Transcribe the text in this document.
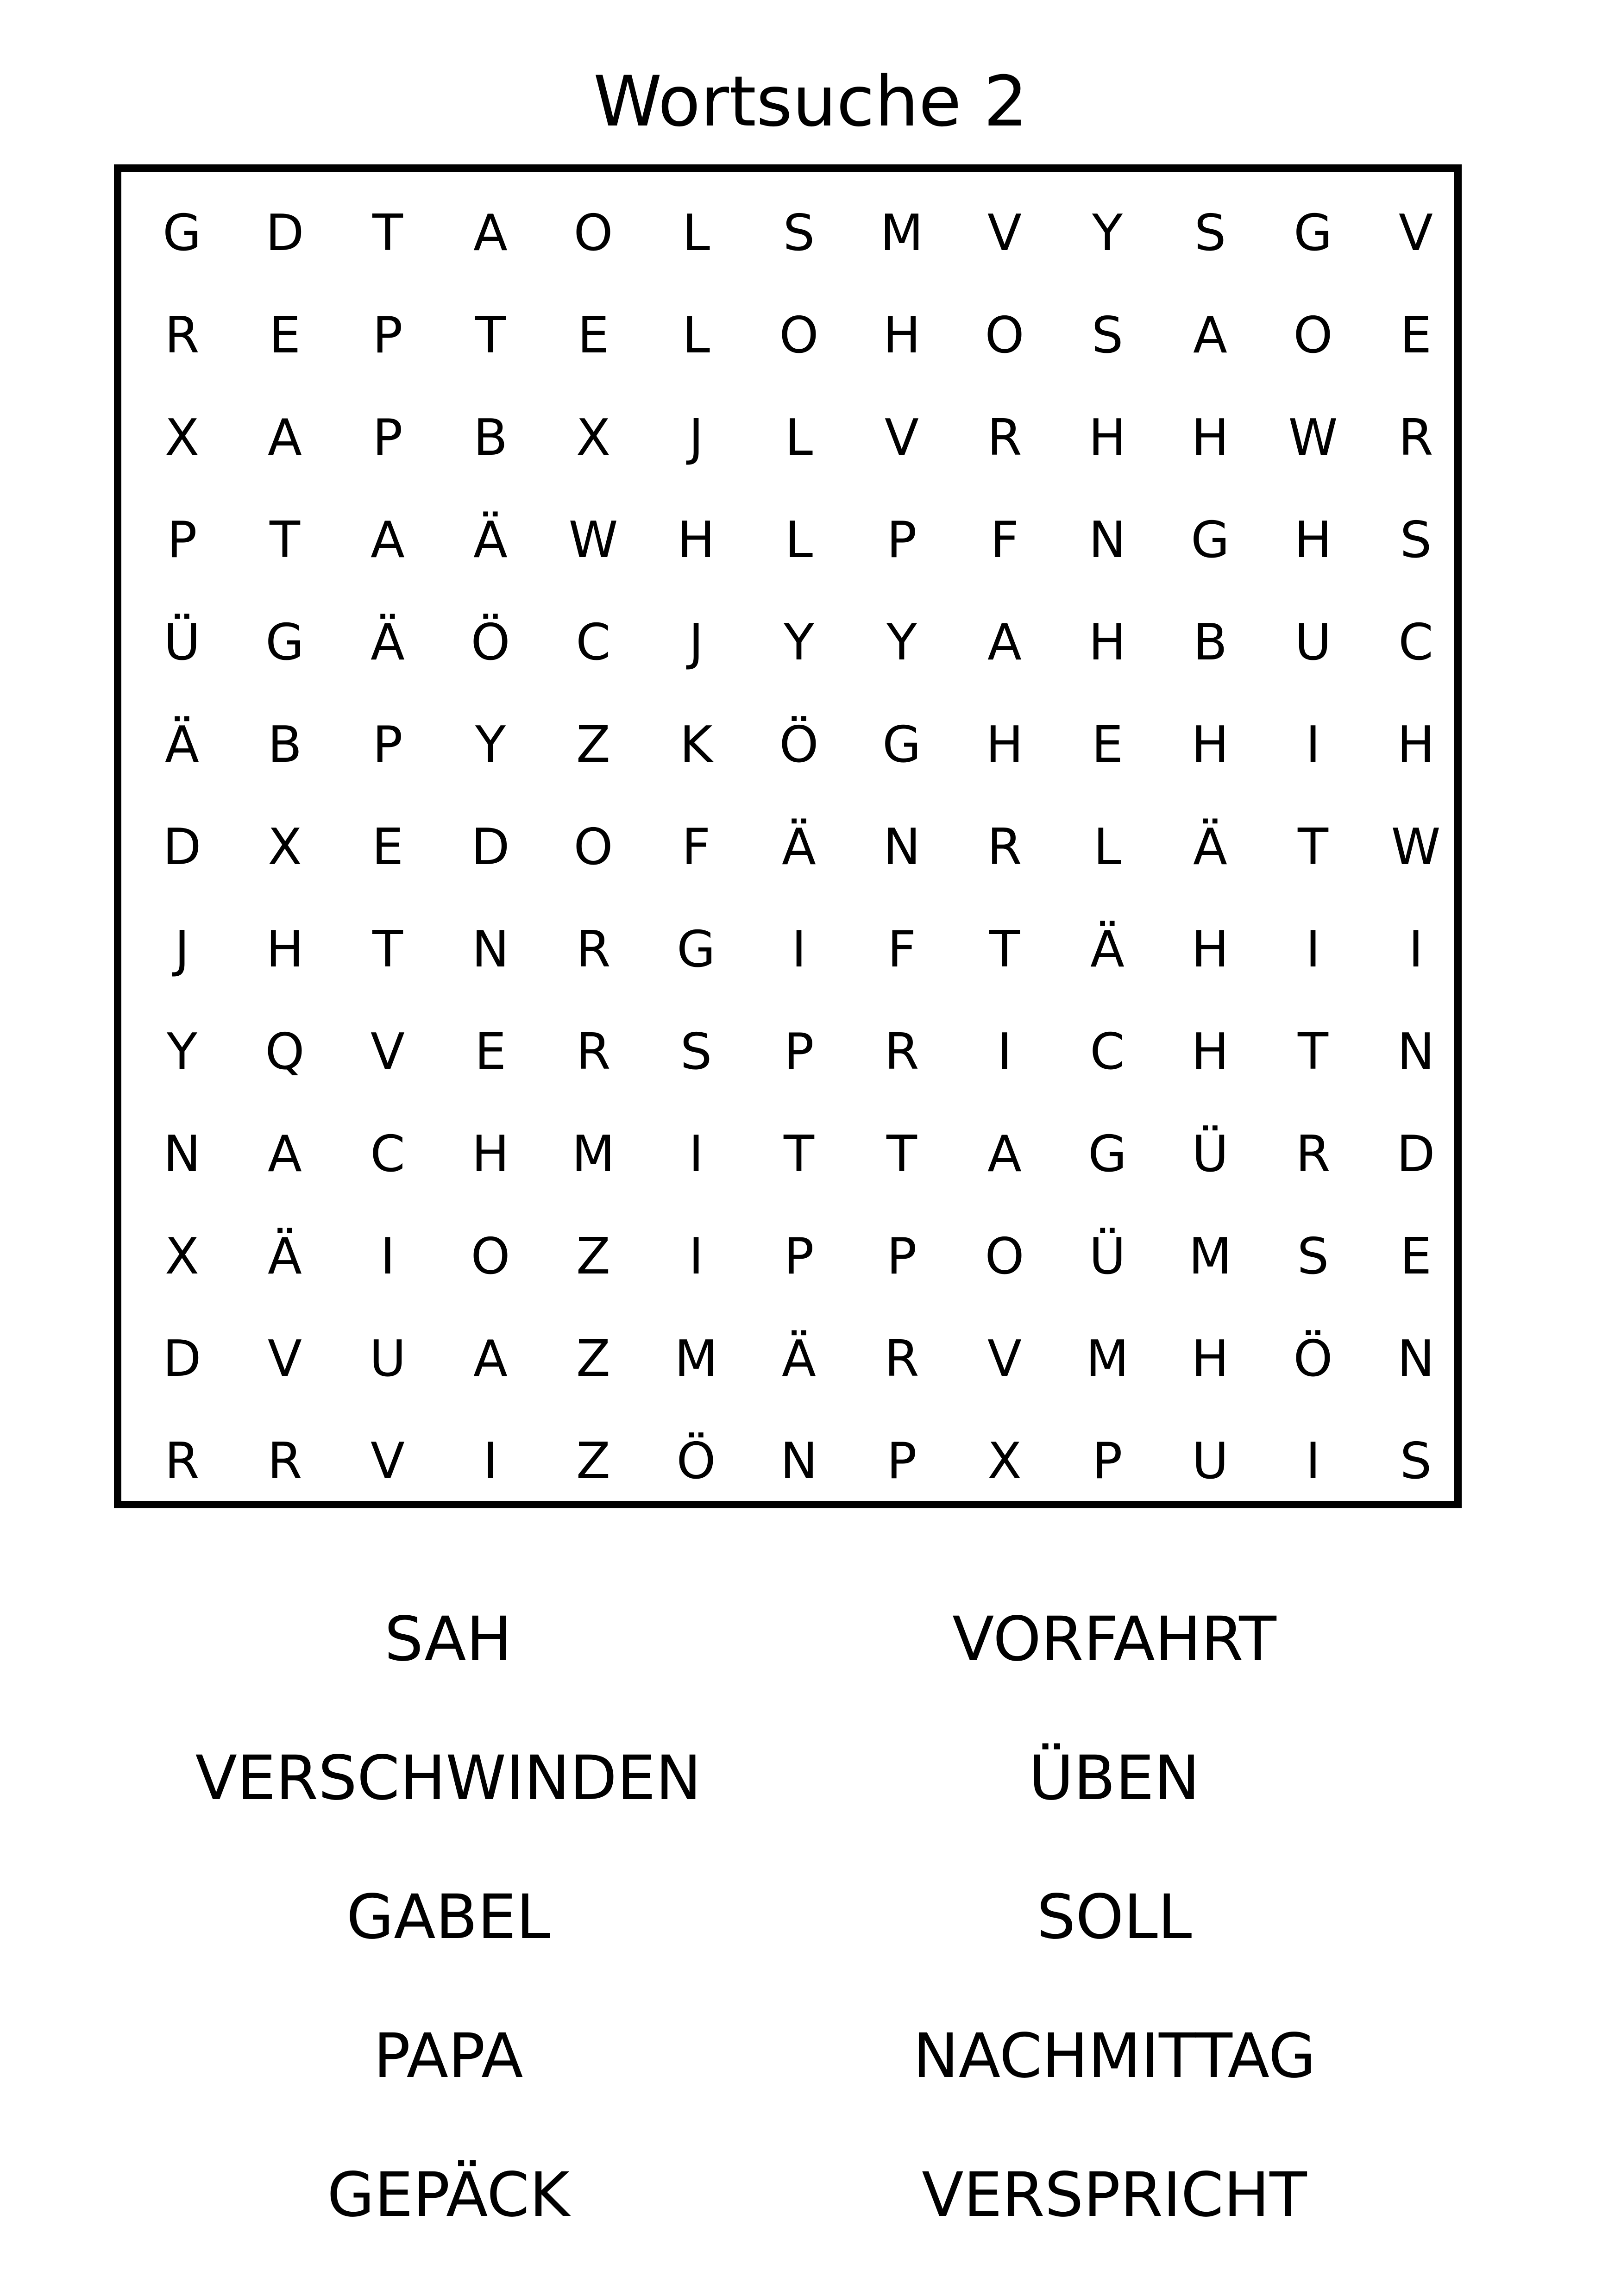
Wortsuche 2
G	D	T	A	O	L	S	M	V	Y	S	G	V
R	E	P	T	E	L	O	H	O	S	A	O	E
X	A	P	B	X	J	L	V	R	H	H	W	R
P	T	A	Ä	W	H	L	P	F	N	G	H	S
Ü	G	Ä	Ö	C	J	Y	Y	A	H	B	U	C
Ä	B	P	Y	Z	K	Ö	G	H	E	H	I	H
D	X	E	D	O	F	Ä	N	R	L	Ä	T	W
J	H	T	N	R	G	I	F	T	Ä	H	I	I
Y	Q	V	E	R	S	P	R	I	C	H	T	N
N	A	C	H	M	I	T	T	A	G	Ü	R	D
X	Ä	I	O	Z	I	P	P	O	Ü	M	S	E
D	V	U	A	Z	M	Ä	R	V	M	H	Ö	N
R	R	V	I	Z	Ö	N	P	X	P	U	I	S
SAH	VORFAHRT
VERSCHWINDEN	ÜBEN
GABEL	SOLL
PAPA	NACHMITTAG
GEPÄCK	VERSPRICHT
